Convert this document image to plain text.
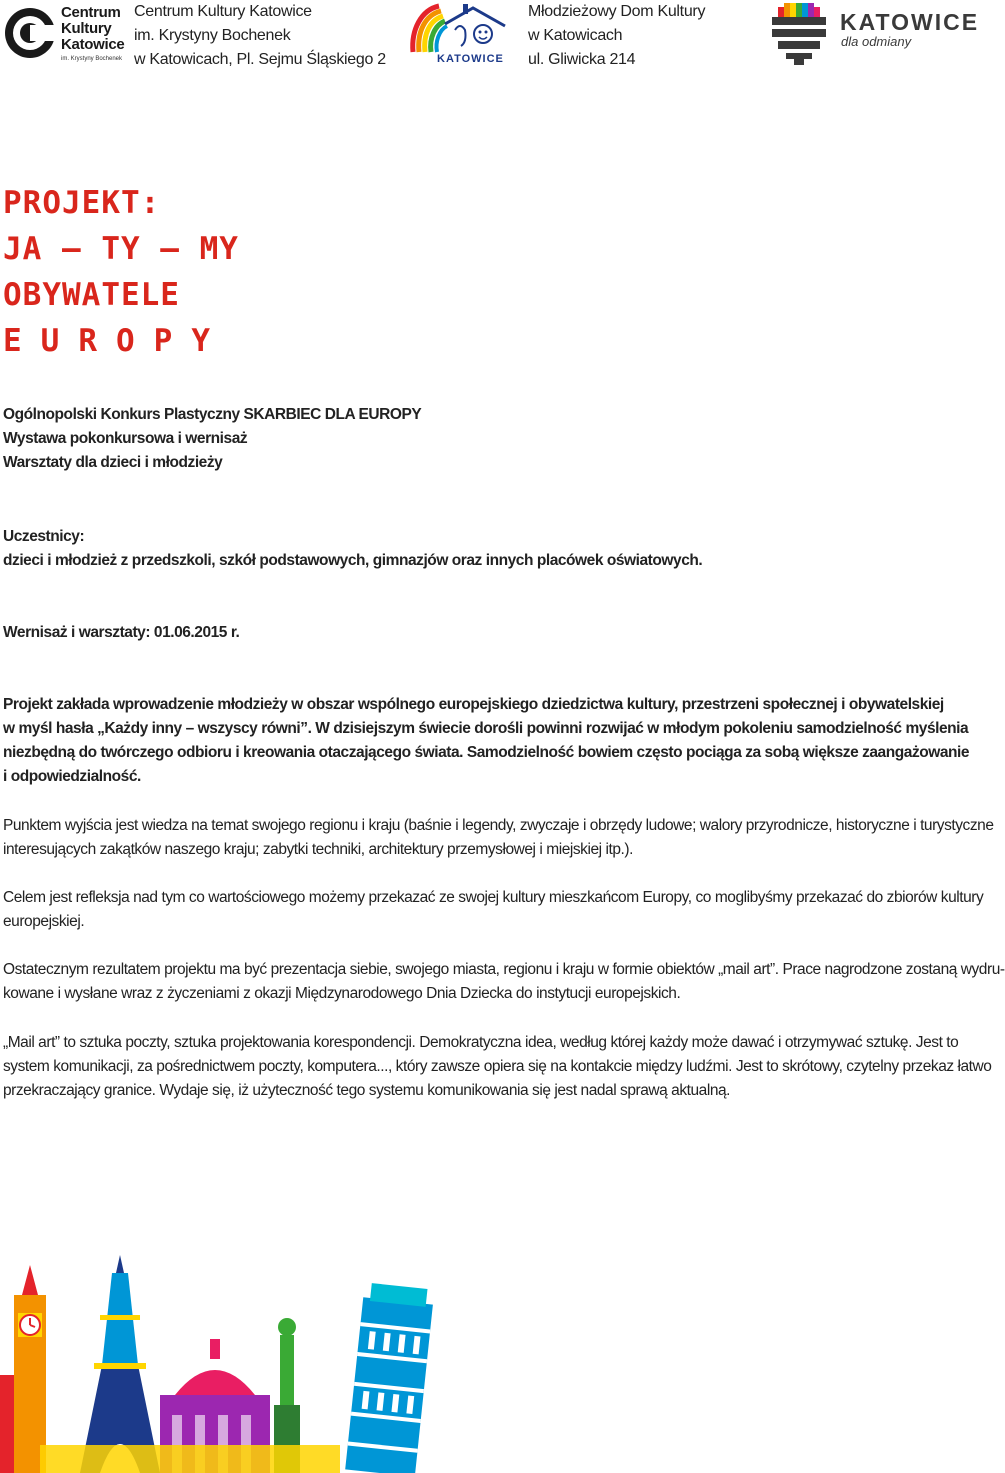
Centrum
Kultury
Katowice
im. Krystyny Bochenek
Centrum Kultury Katowice
im. Krystyny Bochenek
w Katowicach, Pl. Sejmu Śląskiego 2	KATOWICE
Młodzieżowy Dom Kultury
w Katowicach
ul. Gliwicka 214
KATOWICE
dla odmiany
PROJEKT:
JA – TY – MY
OBYWATELE
EUROPY
Ogólnopolski Konkurs Plastyczny SKARBIEC DLA EUROPY
Wystawa pokonkursowa i wernisaż
Warsztaty dla dzieci i młodzieży
Uczestnicy:
dzieci i młodzież z przedszkoli, szkół podstawowych, gimnazjów oraz innych placówek oświatowych.
Wernisaż i warsztaty: 01.06.2015 r.
Projekt zakłada wprowadzenie młodzieży w obszar wspólnego europejskiego dziedzictwa kultury, przestrzeni społecznej i obywatelskiej
w myśl hasła „Każdy inny – wszyscy równi”. W dzisiejszym świecie dorośli powinni rozwijać w młodym pokoleniu samodzielność myślenia
niezbędną do twórczego odbioru i kreowania otaczającego świata. Samodzielność bowiem często pociąga za sobą większe zaangażowanie
i odpowiedzialność.
Punktem wyjścia jest wiedza na temat swojego regionu i kraju (baśnie i legendy, zwyczaje i obrzędy ludowe; walory przyrodnicze, historyczne i turystyczne
interesujących zakątków naszego kraju; zabytki techniki, architektury przemysłowej i miejskiej itp.).
Celem jest refleksja nad tym co wartościowego możemy przekazać ze swojej kultury mieszkańcom Europy, co moglibyśmy przekazać do zbiorów kultury
europejskiej.
Ostatecznym rezultatem projektu ma być prezentacja siebie, swojego miasta, regionu i kraju w formie obiektów „mail art”. Prace nagrodzone zostaną wydru-
kowane i wysłane wraz z życzeniami z okazji Międzynarodowego Dnia Dziecka do instytucji europejskich.
„Mail art” to sztuka poczty, sztuka projektowania korespondencji. Demokratyczna idea, według której każdy może dawać i otrzymywać sztukę. Jest to
system komunikacji, za pośrednictwem poczty, komputera..., który zawsze opiera się na kontakcie między ludźmi. Jest to skrótowy, czytelny przekaz łatwo
przekraczający granice. Wydaje się, iż użyteczność tego systemu komunikowania się jest nadal sprawą aktualną.
